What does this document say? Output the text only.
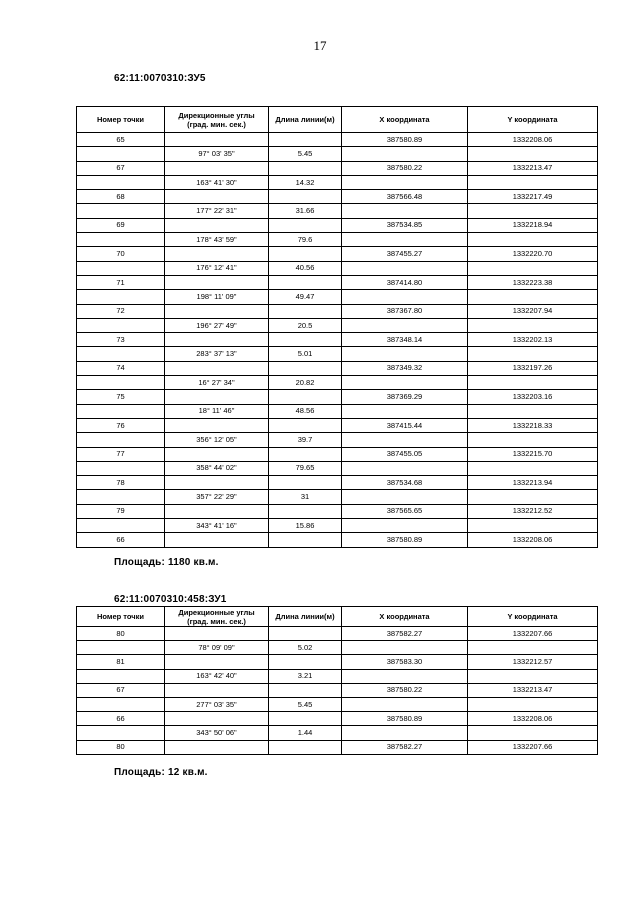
17
62:11:0070310:ЗУ5
Номер точки	Дирекционные углы
(град. мин. сек.)	Длина линии(м)	X координата	Y координата
65			387580.89	1332208.06
	97° 03' 35"	5.45		
67			387580.22	1332213.47
	163° 41' 30"	14.32		
68			387566.48	1332217.49
	177° 22' 31"	31.66		
69			387534.85	1332218.94
	178° 43' 59"	79.6		
70			387455.27	1332220.70
	176° 12' 41"	40.56		
71			387414.80	1332223.38
	198° 11' 09"	49.47		
72			387367.80	1332207.94
	196° 27' 49"	20.5		
73			387348.14	1332202.13
	283° 37' 13"	5.01		
74			387349.32	1332197.26
	16° 27' 34"	20.82		
75			387369.29	1332203.16
	18° 11' 46"	48.56		
76			387415.44	1332218.33
	356° 12' 05"	39.7		
77			387455.05	1332215.70
	358° 44' 02"	79.65		
78			387534.68	1332213.94
	357° 22' 29"	31		
79			387565.65	1332212.52
	343° 41' 16"	15.86		
66			387580.89	1332208.06
Площадь: 1180 кв.м.
62:11:0070310:458:ЗУ1
Номер точки	Дирекционные углы
(град. мин. сек.)	Длина линии(м)	X координата	Y координата
80			387582.27	1332207.66
	78° 09' 09"	5.02		
81			387583.30	1332212.57
	163° 42' 40"	3.21		
67			387580.22	1332213.47
	277° 03' 35"	5.45		
66			387580.89	1332208.06
	343° 50' 06"	1.44		
80			387582.27	1332207.66
Площадь: 12 кв.м.
